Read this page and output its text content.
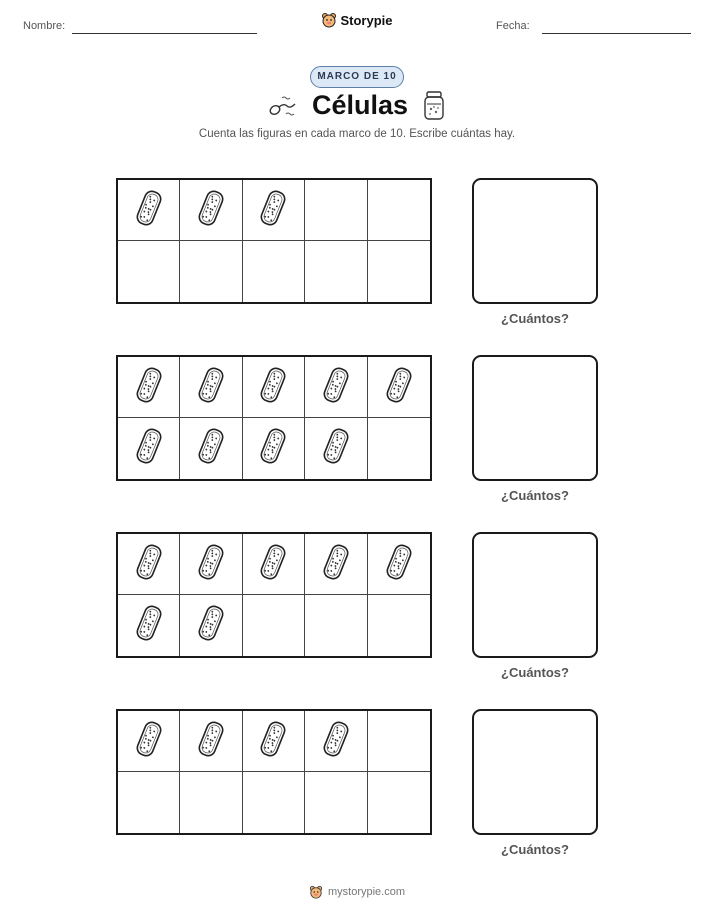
Nombre:	Storypie	Fecha:
MARCO DE 10
Células
Cuenta las figuras en cada marco de 10. Escribe cuántas hay.
¿Cuántos?
¿Cuántos?
¿Cuántos?
¿Cuántos?
mystorypie.com
